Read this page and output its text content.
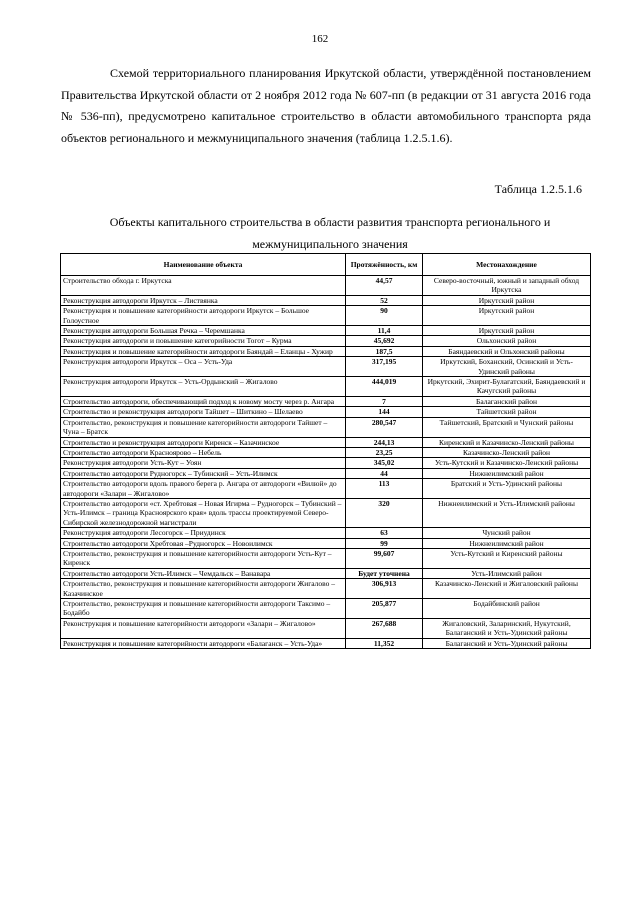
162

Схемой территориального планирования Иркутской области, утверждённой постановлением Правительства Иркутской области от 2 ноября 2012 года № 607-пп (в редакции от 31 августа 2016 года № 536-пп), предусмотрено капитальное строительство в области автомобильного транспорта ряда объектов регионального и межмуниципального значения (таблица 1.2.5.1.6).

Таблица 1.2.5.1.6

Объекты капитального строительства в области развития транспорта регионального и межмуниципального значения

Наименование объекта	Протяжённость, км	Местонахождение
Строительство обхода г. Иркутска	44,57	Северо-восточный, южный и западный обход Иркутска
Реконструкция автодороги Иркутск – Листвянка	52	Иркутский район
Реконструкция и повышение категорийности автодороги Иркутск – Большое Голоустное	90	Иркутский район
Реконструкция автодороги Большая Речка – Черемшанка	11,4	Иркутский район
Реконструкция автодороги и повышение категорийности Тогот – Курма	45,692	Ольхонский район
Реконструкция и повышение категорийности автодороги Баяндай – Еланцы - Хужир	187,5	Баяндаевский и Ольхонский районы
Реконструкция автодороги Иркутск – Оса – Усть-Уда	317,195	Иркутский, Боханский, Осинский и Усть-Удинский районы
Реконструкция автодороги Иркутск – Усть-Ордынский – Жигалово	444,019	Иркутский, Эхирит-Булагатский, Баяндаевский и Качугский районы
Строительство автодороги, обеспечивающий подход к новому мосту через р. Ангара	7	Балаганский район
Строительство и реконструкция автодороги Тайшет – Шиткино – Шелаево	144	Тайшетский район
Строительство, реконструкция и повышение категорийности автодороги Тайшет – Чуна – Братск	280,547	Тайшетский, Братский и Чунский районы
Строительство и реконструкция автодороги Киренск – Казачинское	244,13	Киренский и Казачинско-Ленский районы
Строительство автодороги Красноярово – Небель	23,25	Казачинско-Ленский район
Реконструкция автодороги Усть-Кут – Уоян	345,02	Усть-Кутский и Казачинско-Ленский районы
Строительство автодороги Рудногорск – Тубинский – Усть-Илимск	44	Нижнеилимский район
Строительство автодороги вдоль правого берега р. Ангара от автодороги «Вилюй» до автодороги «Залари – Жигалово»	113	Братский и Усть-Удинский районы
Строительство автодороги «ст. Хребтовая – Новая Игирма – Рудногорск – Тубинский – Усть-Илимск – граница Красноярского края» вдоль трассы проектируемой Северо-Сибирской железнодорожной магистрали	320	Нижнеилимский и Усть-Илимский районы
Реконструкция автодороги Лесогорск – Приудинск	63	Чунский район
Строительство автодороги Хребтовая –Рудногорск – Новоилимск	99	Нижнеилимский район
Строительство, реконструкция и повышение категорийности автодороги Усть-Кут – Киренск	99,607	Усть-Кутский и Киренский районы
Строительство автодороги Усть-Илимск – Чемдальск – Ванавара	Будет уточнена	Усть-Илимский район
Строительство, реконструкция и повышение категорийности автодороги Жигалово – Казачинское	306,913	Казачинско-Ленский и Жигаловский районы
Строительство, реконструкция и повышение категорийности автодороги Таксимо – Бодайбо	205,877	Бодайбинский район
Реконструкция и повышение категорийности автодороги «Залари – Жигалово»	267,688	Жигаловский, Заларинский, Нукутский, Балаганский и Усть-Удинский районы
Реконструкция и повышение категорийности автодороги «Балаганск – Усть-Уда»	11,352	Балаганский и Усть-Удинский районы
